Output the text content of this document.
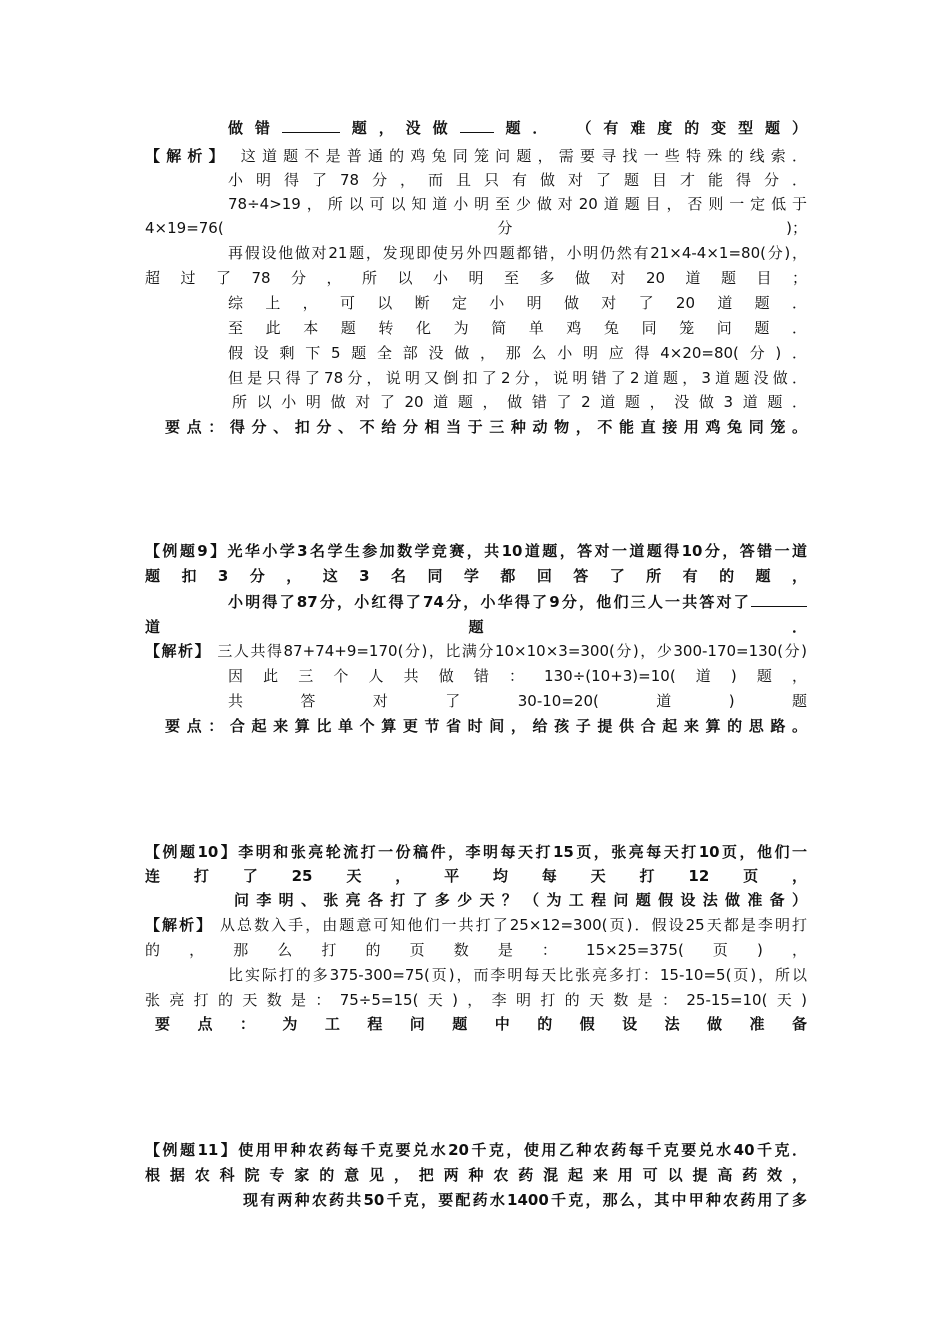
做错	题，没做 题． （有难度的变型题）
【解析】 这道题不是普通的鸡兔同笼问题，需要寻找一些特殊的线索．
小明得了78分，而且只有做对了题目才能得分．
78÷4>19，所以可以知道小明至少做对20道题目，否则一定低于
4×19=76(分)；
再假设他做对21题，发现即使另外四题都错，小明仍然有21×4-4×1=80(分)，
超过了78分，所以小明至多做对20道题目；
综上，可以断定小明做对了20道题．
至此本题转化为简单鸡兔同笼问题．
假设剩下5题全部没做，那么小明应得4×20=80(分)．
但是只得了78分，说明又倒扣了2分，说明错了2道题，3道题没做．
所以小明做对了20道题，做错了2道题，没做3道题．
要点：得分、扣分、不给分相当于三种动物，不能直接用鸡兔同笼。
【例题9】光华小学3名学生参加数学竞赛，共10道题，答对一道题得10分，答错一道
题扣3分，这3名同学都回答了所有的题，
小明得了87分，小红得了74分，小华得了9分，他们三人一共答对了
道题．
【解析】 三人共得87+74+9=170(分)，比满分10×10×3=300(分)，少300-170=130(分)
因此三个人共做错：130÷(10+3)=10(道)题，
共答对了30-10=20(道)题
要点：合起来算比单个算更节省时间，给孩子提供合起来算的思路。
【例题10】李明和张亮轮流打一份稿件，李明每天打15页，张亮每天打10页，他们一
连打了25天，平均每天打12页，
问李明、张亮各打了多少天？（为工程问题假设法做准备）
【解析】 从总数入手，由题意可知他们一共打了25×12=300(页)．假设25天都是李明打
的，那么打的页数是：15×25=375(页)，
比实际打的多375-300=75(页)，而李明每天比张亮多打：15-10=5(页)，所以
张亮打的天数是：75÷5=15(天)，李明打的天数是：25-15=10(天)
要点：为工程问题中的假设法做准备
【例题11】使用甲种农药每千克要兑水20千克，使用乙种农药每千克要兑水40千克．
根据农科院专家的意见，把两种农药混起来用可以提高药效，
现有两种农药共50千克，要配药水1400千克，那么，其中甲种农药用了多
